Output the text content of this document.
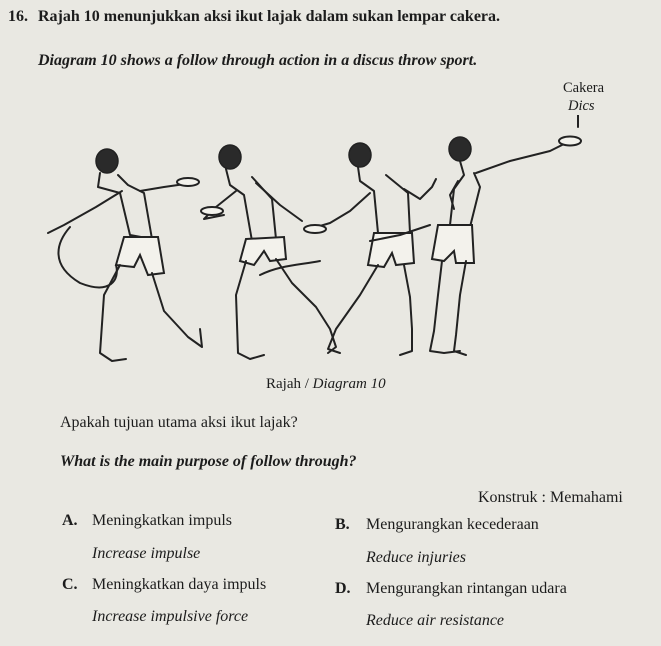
16. Rajah 10 menunjukkan aksi ikut lajak dalam sukan lempar cakera.
Diagram 10 shows a follow through action in a discus throw sport.
Cakera
Dics
Rajah / Diagram 10
Apakah tujuan utama aksi ikut lajak?
What is the main purpose of follow through?
Konstruk : Memahami
A. Meningkatkan impuls
Increase impulse
B. Mengurangkan kecederaan
Reduce injuries
C. Meningkatkan daya impuls
Increase impulsive force
D. Mengurangkan rintangan udara
Reduce air resistance
